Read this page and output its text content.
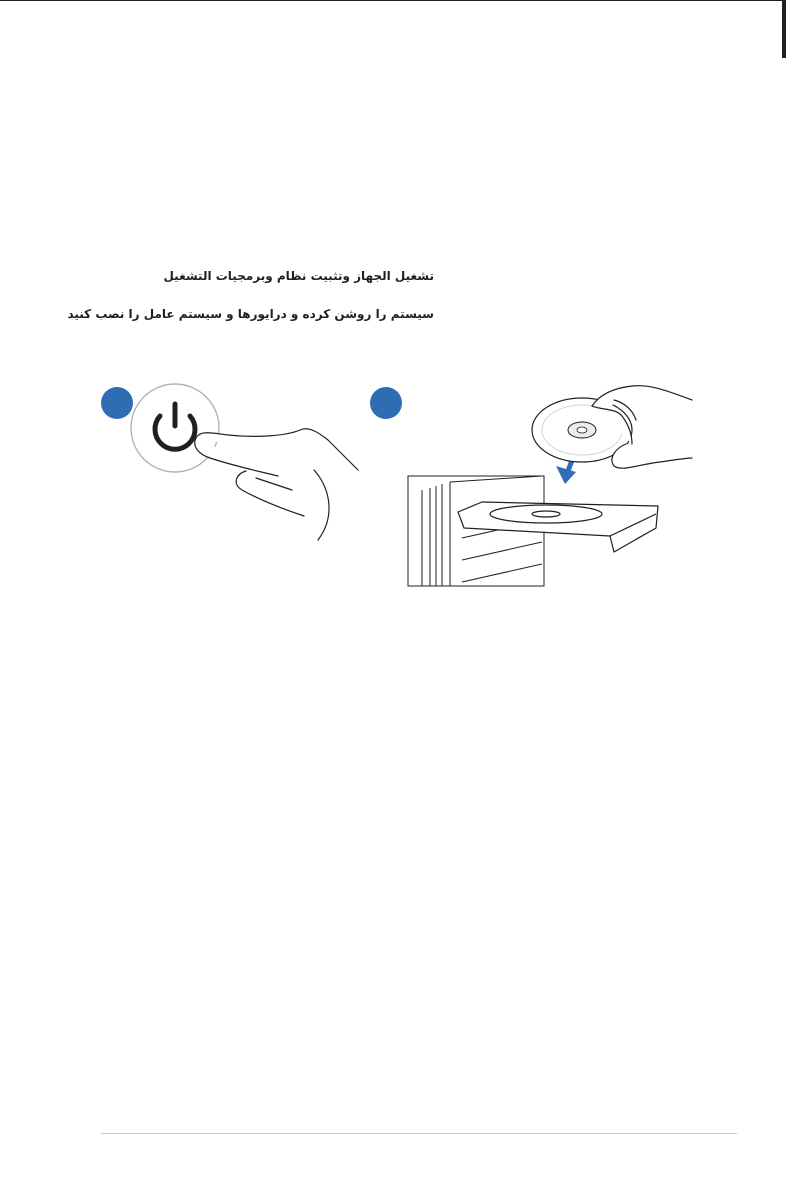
تشغيل الجهاز وتثبيت نظام وبرمجيات التشغيل
سیستم را روشن کرده و درایورها و سیستم عامل را نصب کنید
